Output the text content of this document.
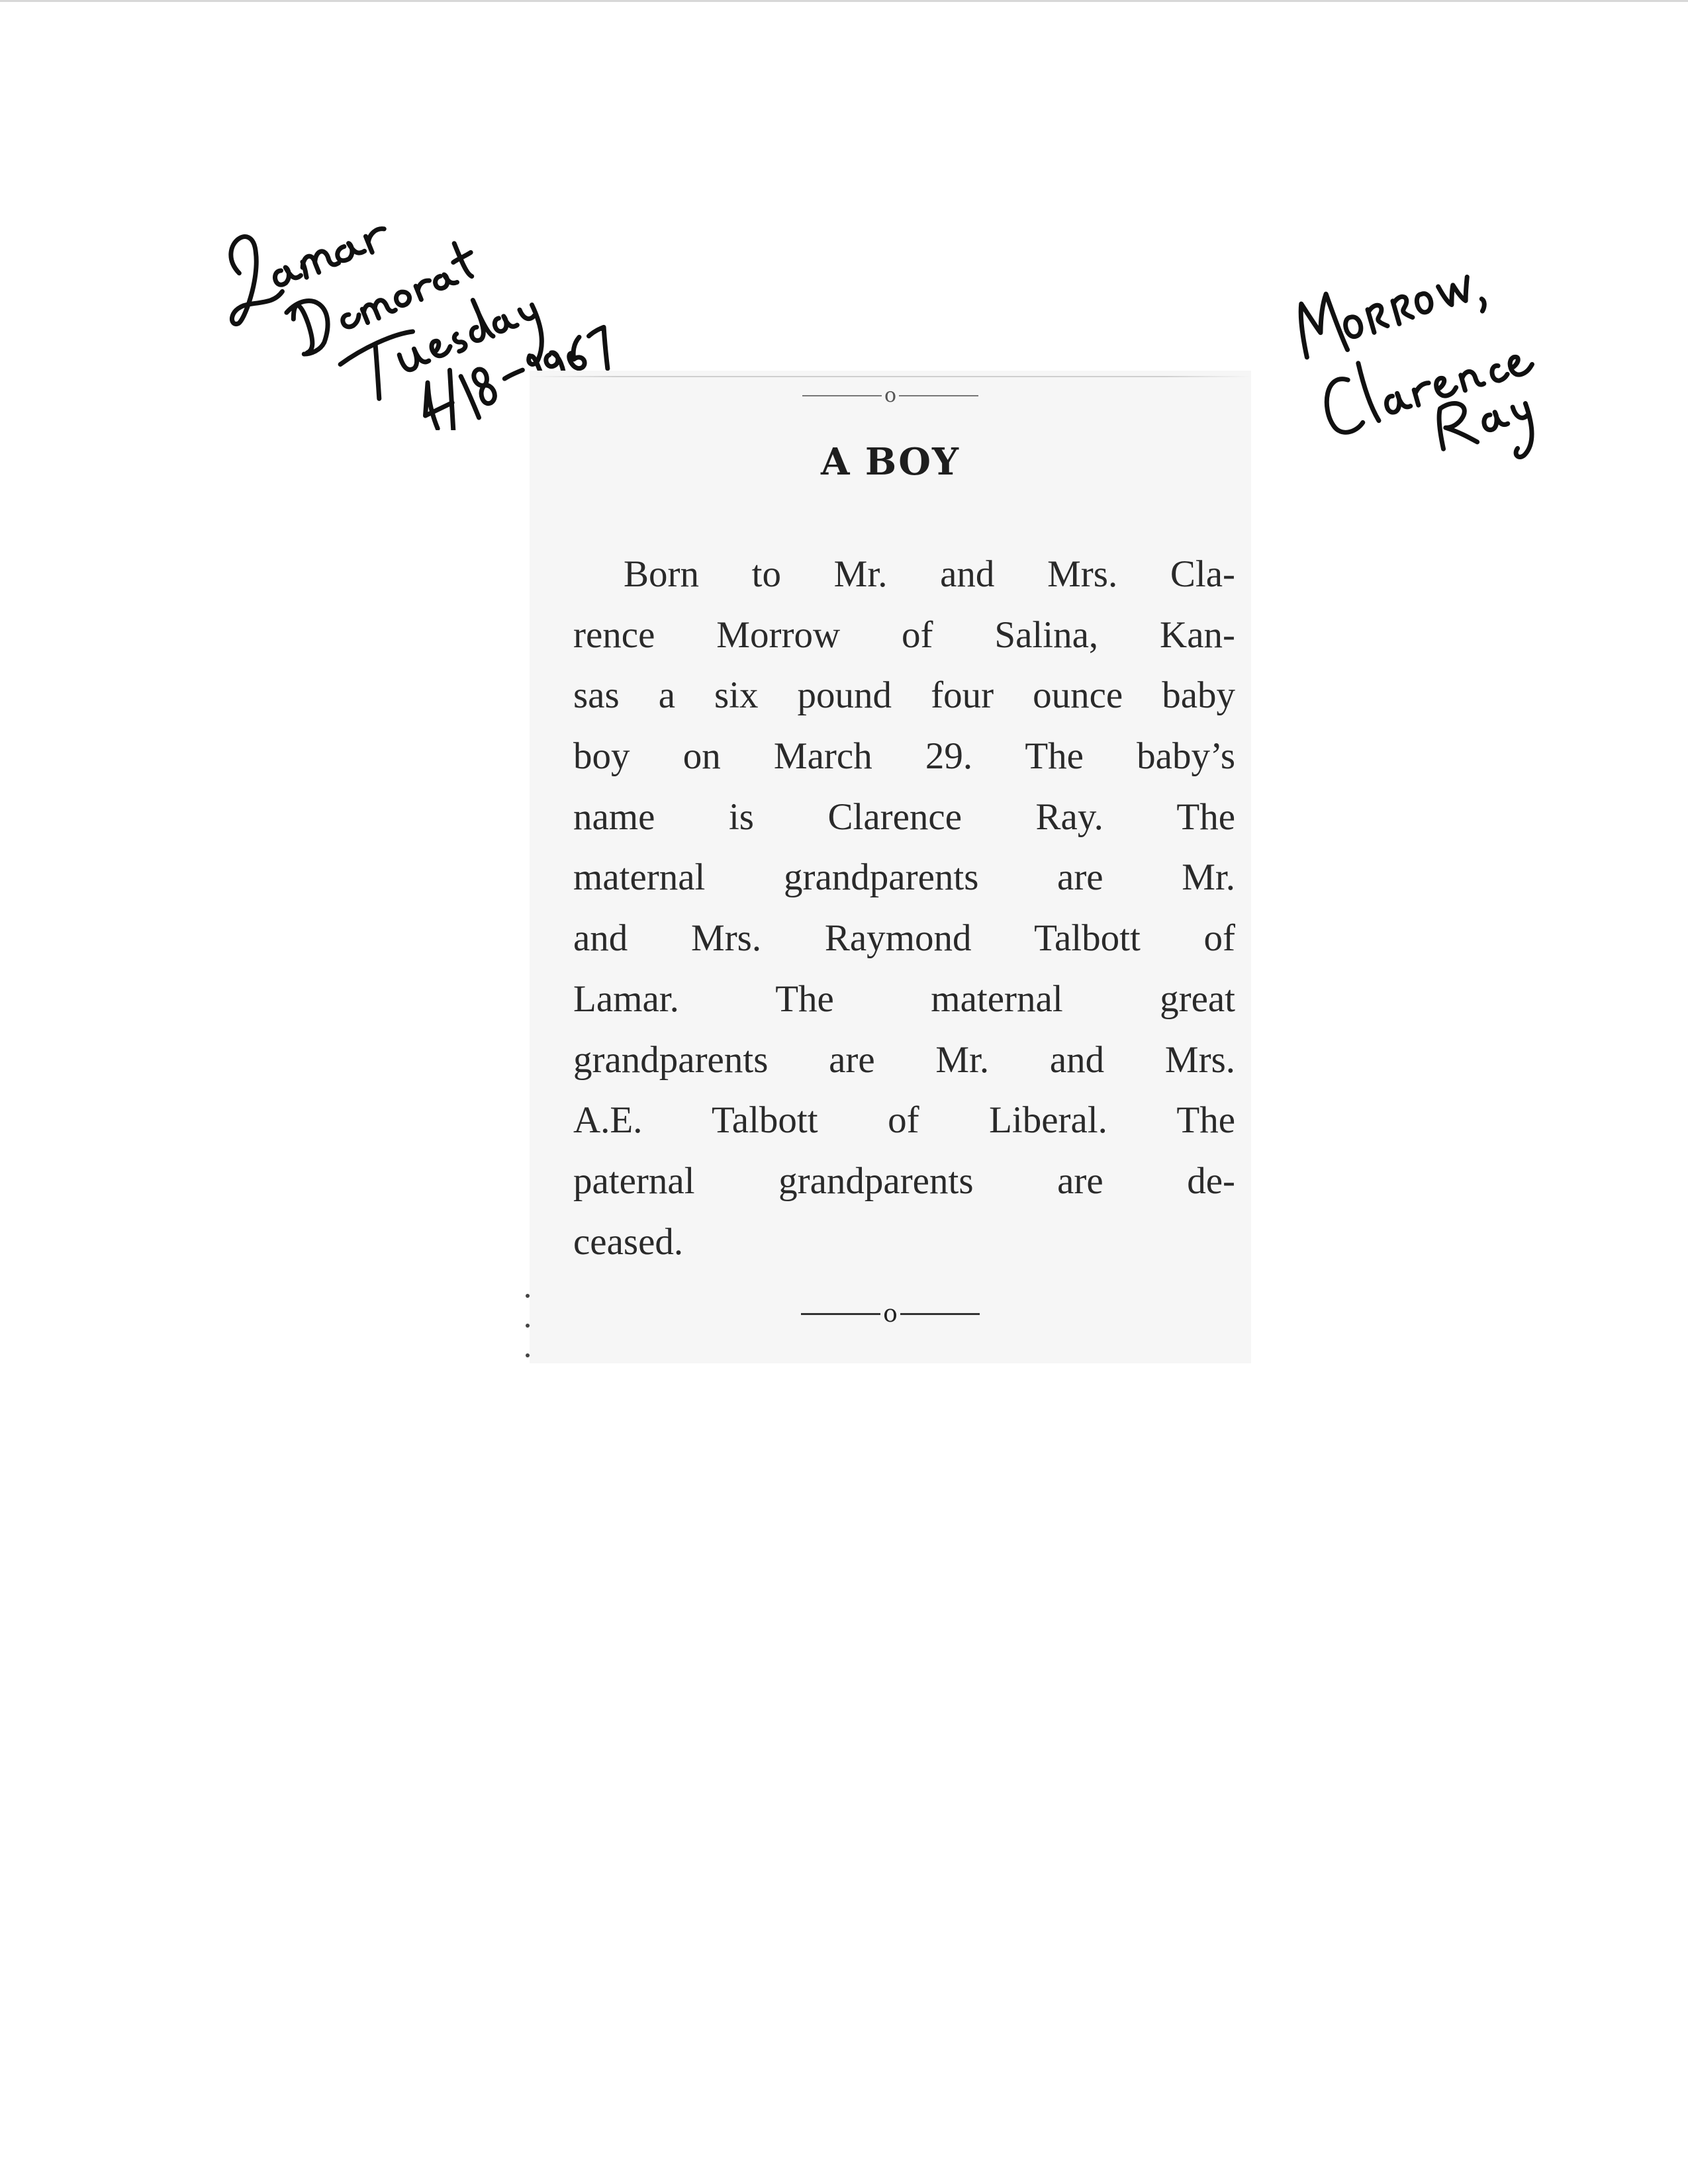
o
A BOY
Born to Mr. and Mrs. Cla-
rence Morrow of Salina, Kan-
sas a six pound four ounce baby
boy on March 29. The baby’s
name is Clarence Ray. The
maternal grandparents are Mr.
and Mrs. Raymond Talbott of
Lamar. The maternal great
grandparents are Mr. and Mrs.
A.E. Talbott of Liberal. The
paternal grandparents are de-
ceased.
o
